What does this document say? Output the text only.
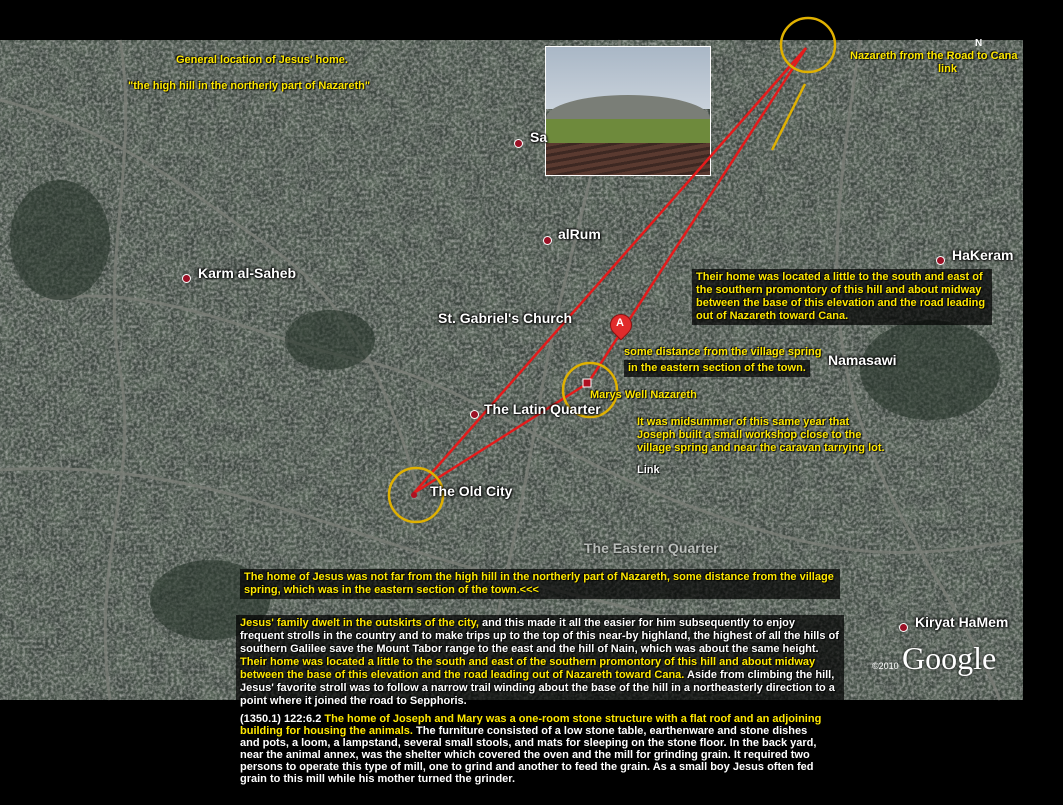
Sa
alRum
Karm al-Saheb
St. Gabriel's Church
The Latin Quarter
The Old City
HaKeram
Namasawi
The Eastern Quarter
Kiryat HaMem
A
N
General location of Jesus' home.
"the high hill in the northerly part of Nazareth"
Nazareth from the Road to Cana
link
Their home was located a little to the south and east of the southern promontory of this hill and about midway between the base of this elevation and the road leading out of Nazareth toward Cana.
some distance from the village spring
in the eastern section of the town.
Marys Well Nazareth
It was midsummer of this same year that Joseph built a small workshop close to the village spring and near the caravan tarrying lot.
Link
The home of Jesus was not far from the high hill in the northerly part of Nazareth, some distance from the village spring, which was in the eastern section of the town.<<<
Jesus' family dwelt in the outskirts of the city, and this made it all the easier for him subsequently to enjoy frequent strolls in the country and to make trips up to the top of this near-by highland, the highest of all the hills of southern Galilee save the Mount Tabor range to the east and the hill of Nain, which was about the same height. Their home was located a little to the south and east of the southern promontory of this hill and about midway between the base of this elevation and the road leading out of Nazareth toward Cana. Aside from climbing the hill, Jesus' favorite stroll was to follow a narrow trail winding about the base of the hill in a northeasterly direction to a point where it joined the road to Sepphoris.
©2010 Google
(1350.1) 122:6.2 The home of Joseph and Mary was a one-room stone structure with a flat roof and an adjoining building for housing the animals. The furniture consisted of a low stone table, earthenware and stone dishes and pots, a loom, a lampstand, several small stools, and mats for sleeping on the stone floor. In the back yard, near the animal annex, was the shelter which covered the oven and the mill for grinding grain. It required two persons to operate this type of mill, one to grind and another to feed the grain. As a small boy Jesus often fed grain to this mill while his mother turned the grinder.
